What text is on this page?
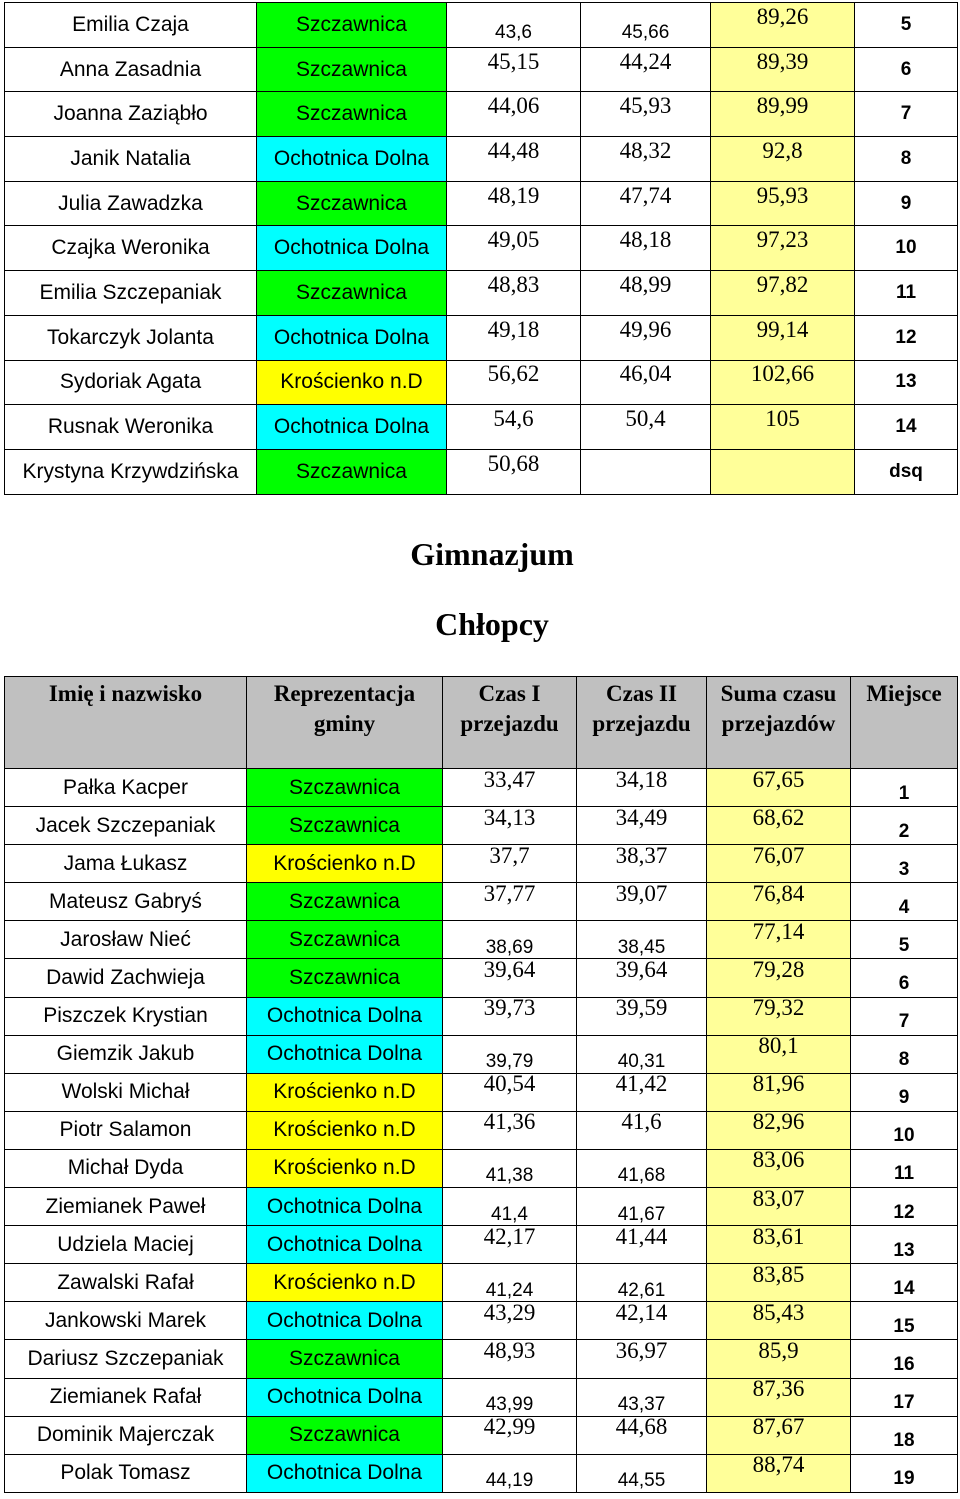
Emilia Czaja	Szczawnica	$_{43,6}$	$_{45,66}$	89,26	5
Anna Zasadnia	Szczawnica	45,15	44,24	89,39	6
Joanna Zaziąbło	Szczawnica	44,06	45,93	89,99	7
Janik Natalia	Ochotnica Dolna	44,48	48,32	92,8	8
Julia Zawadzka	Szczawnica	48,19	47,74	95,93	9
Czajka Weronika	Ochotnica Dolna	49,05	48,18	97,23	10
Emilia Szczepaniak	Szczawnica	48,83	48,99	97,82	11
Tokarczyk Jolanta	Ochotnica Dolna	49,18	49,96	99,14	12
Sydoriak Agata	Krościenko n.D	56,62	46,04	102,66	13
Rusnak Weronika	Ochotnica Dolna	54,6	50,4	105	14
Krystyna Krzywdzińska	Szczawnica	50,68			dsq
Gimnazjum
Chłopcy
Imię i nazwisko	Reprezentacja gminy	Czas I przejazdu	Czas II przejazdu	Suma czasu przejazdów	Miejsce
Pałka Kacper	Szczawnica	33,47	34,18	67,65	1
Jacek Szczepaniak	Szczawnica	34,13	34,49	68,62	2
Jama Łukasz	Krościenko n.D	37,7	38,37	76,07	3
Mateusz Gabryś	Szczawnica	37,77	39,07	76,84	4
Jarosław Nieć	Szczawnica	$_{38,69}$	$_{38,45}$	77,14	5
Dawid Zachwieja	Szczawnica	39,64	39,64	79,28	6
Piszczek Krystian	Ochotnica Dolna	39,73	39,59	79,32	7
Giemzik Jakub	Ochotnica Dolna	$_{39,79}$	$_{40,31}$	80,1	8
Wolski Michał	Krościenko n.D	40,54	41,42	81,96	9
Piotr Salamon	Krościenko n.D	41,36	41,6	82,96	10
Michał Dyda	Krościenko n.D	$_{41,38}$	$_{41,68}$	83,06	11
Ziemianek Paweł	Ochotnica Dolna	$_{41,4}$	$_{41,67}$	83,07	12
Udziela Maciej	Ochotnica Dolna	42,17	41,44	83,61	13
Zawalski Rafał	Krościenko n.D	$_{41,24}$	$_{42,61}$	83,85	14
Jankowski Marek	Ochotnica Dolna	43,29	42,14	85,43	15
Dariusz Szczepaniak	Szczawnica	48,93	36,97	85,9	16
Ziemianek Rafał	Ochotnica Dolna	$_{43,99}$	$_{43,37}$	87,36	17
Dominik Majerczak	Szczawnica	42,99	44,68	87,67	18
Polak Tomasz	Ochotnica Dolna	$_{44,19}$	$_{44,55}$	88,74	19
